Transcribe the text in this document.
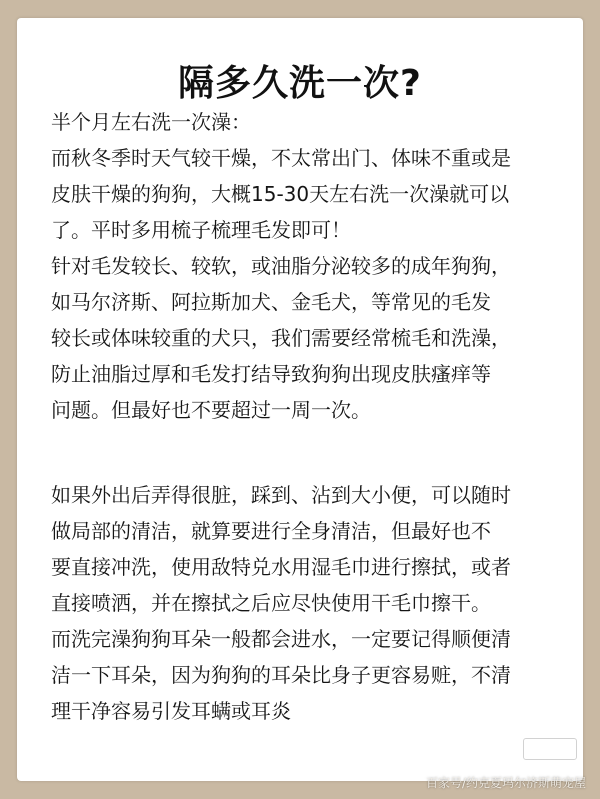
隔多久洗一次?
半个月左右洗一次澡：
而秋冬季时天气较干燥，不太常出门、体味不重或是
皮肤干燥的狗狗，大概15-30天左右洗一次澡就可以
了。平时多用梳子梳理毛发即可！
针对毛发较长、较软，或油脂分泌较多的成年狗狗，
如马尔济斯、阿拉斯加犬、金毛犬，等常见的毛发
较长或体味较重的犬只，我们需要经常梳毛和洗澡，
防止油脂过厚和毛发打结导致狗狗出现皮肤瘙痒等
问题。但最好也不要超过一周一次。
如果外出后弄得很脏，踩到、沾到大小便，可以随时
做局部的清洁，就算要进行全身清洁，但最好也不
要直接冲洗，使用敌特兑水用湿毛巾进行擦拭，或者
直接喷洒，并在擦拭之后应尽快使用干毛巾擦干。
而洗完澡狗狗耳朵一般都会进水，一定要记得顺便清
洁一下耳朵，因为狗狗的耳朵比身子更容易赃，不清
理干净容易引发耳螨或耳炎
百家号/约克夏玛尔济斯萌宠屋
